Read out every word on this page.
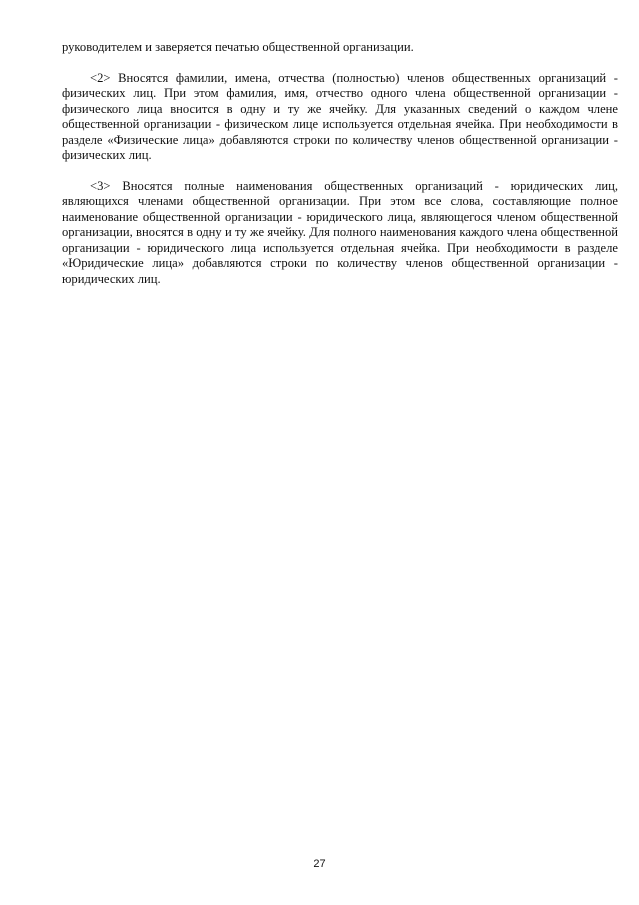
руководителем и заверяется печатью общественной организации.

<2> Вносятся фамилии, имена, отчества (полностью) членов общественных организаций - физических лиц. При этом фамилия, имя, отчество одного члена общественной организации - физического лица вносится в одну и ту же ячейку. Для указанных сведений о каждом члене общественной организации - физическом лице используется отдельная ячейка. При необходимости в разделе «Физические лица» добавляются строки по количеству членов общественной организации - физических лиц.

<3> Вносятся полные наименования общественных организаций - юридических лиц, являющихся членами общественной организации. При этом все слова, составляющие полное наименование общественной организации - юридического лица, являющегося членом общественной организации, вносятся в одну и ту же ячейку. Для полного наименования каждого члена общественной организации - юридического лица используется отдельная ячейка. При необходимости в разделе «Юридические лица» добавляются строки по количеству членов общественной организации - юридических лиц.

27
